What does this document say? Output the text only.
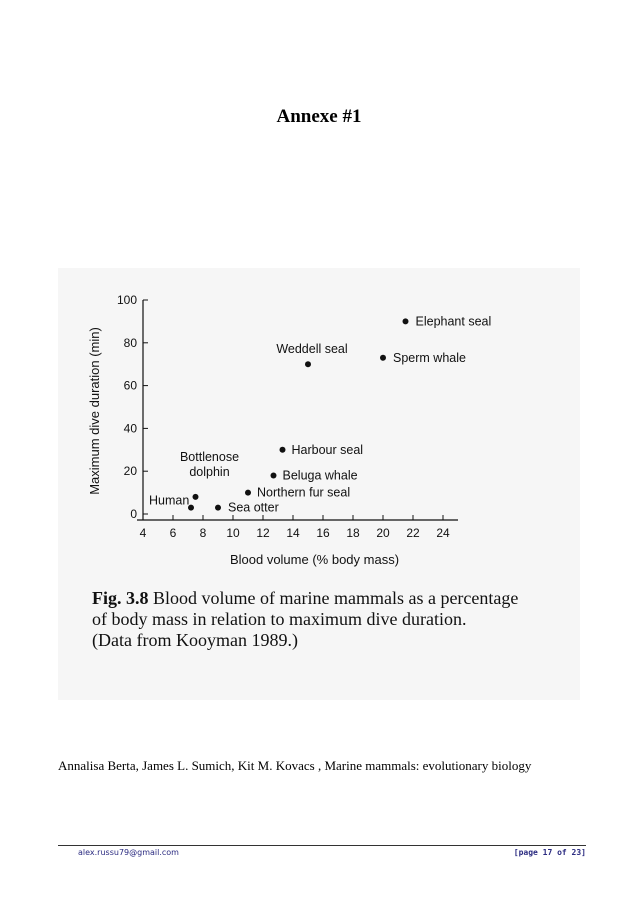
Annexe #1
0
20
40
60
80
100
4 6 8 10 12 14 16 18 20 22 24
Human
Bottlenose dolphin
Sea otter
Northern fur seal
Beluga whale
Harbour seal
Weddell seal
Sperm whale
Elephant seal
Blood volume (% body mass)
Maximum dive duration (min)
Fig. 3.8 Blood volume of marine mammals as a percentage
of body mass in relation to maximum dive duration.
(Data from Kooyman 1989.)
Annalisa Berta, James L. Sumich, Kit M. Kovacs , Marine mammals: evolutionary biology
alex.russu79@gmail.com	[page 17 of 23]
